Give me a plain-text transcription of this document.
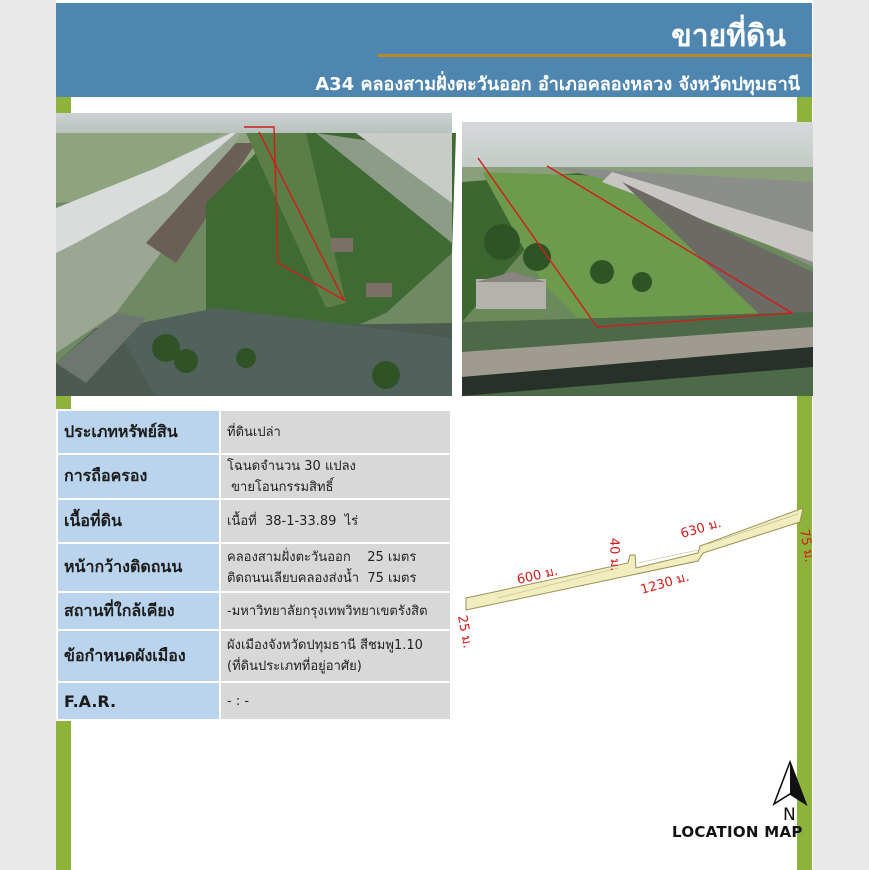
ขายที่ดิน
A34 คลองสามฝั่งตะวันออก อำเภอคลองหลวง จังหวัดปทุมธานี
ประเภทหรัพย์สิน	ที่ดินเปล่า

การถือครอง	โฉนดจำนวน 30 แปลง
ขายโอนกรรมสิทธิ์

เนื้อที่ดิน	เนื้อที่  38-1-33.89  ไร่

หน้ากว้างติดถนน	คลองสามฝั่งตะวันออก    25 เมตร
ติดถนนเลียบคลองส่งน้ำ  75 เมตร

สถานที่ใกล้เคียง	-มหาวิทยาลัยกรุงเทพวิทยาเขตรังสิต

ข้อกำหนดผังเมือง	ผังเมืองจังหวัดปทุมธานี สีชมพู1.10
(ที่ดินประเภทที่อยู่อาศัย)

F.A.R.	- : -
600 ม.
40 ม.
630 ม.	75 ม.
1230 ม.
25 ม.
N
LOCATION MAP
